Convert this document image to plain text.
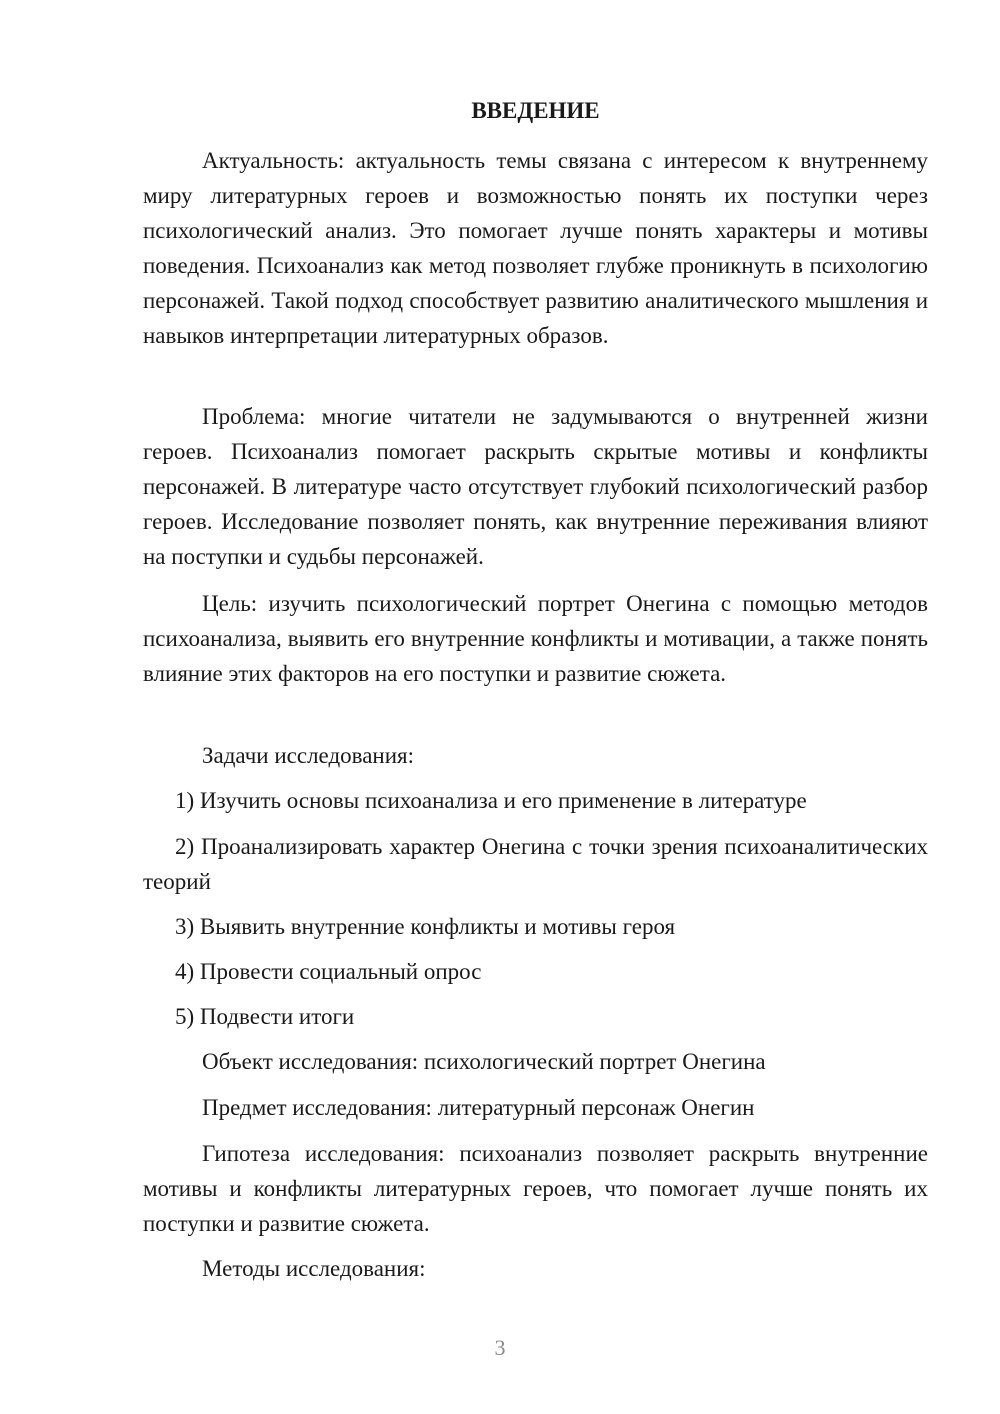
ВВЕДЕНИЕ

Актуальность: актуальность темы связана с интересом к внутреннему миру литературных героев и возможностью понять их поступки через психологический анализ. Это помогает лучше понять характеры и мотивы поведения. Психоанализ как метод позволяет глубже проникнуть в психологию персонажей. Такой подход способствует развитию аналитического мышления и навыков интерпретации литературных образов.

Проблема: многие читатели не задумываются о внутренней жизни героев. Психоанализ помогает раскрыть скрытые мотивы и конфликты персонажей. В литературе часто отсутствует глубокий психологический разбор героев. Исследование позволяет понять, как внутренние переживания влияют на поступки и судьбы персонажей.

Цель: изучить психологический портрет Онегина с помощью методов психоанализа, выявить его внутренние конфликты и мотивации, а также понять влияние этих факторов на его поступки и развитие сюжета.

Задачи исследования:

1) Изучить основы психоанализа и его применение в литературе

2) Проанализировать характер Онегина с точки зрения психоаналитических теорий

3) Выявить внутренние конфликты и мотивы героя

4) Провести социальный опрос

5) Подвести итоги

Объект исследования: психологический портрет Онегина

Предмет исследования: литературный персонаж Онегин

Гипотеза исследования: психоанализ позволяет раскрыть внутренние мотивы и конфликты литературных героев, что помогает лучше понять их поступки и развитие сюжета.

Методы исследования:

3
